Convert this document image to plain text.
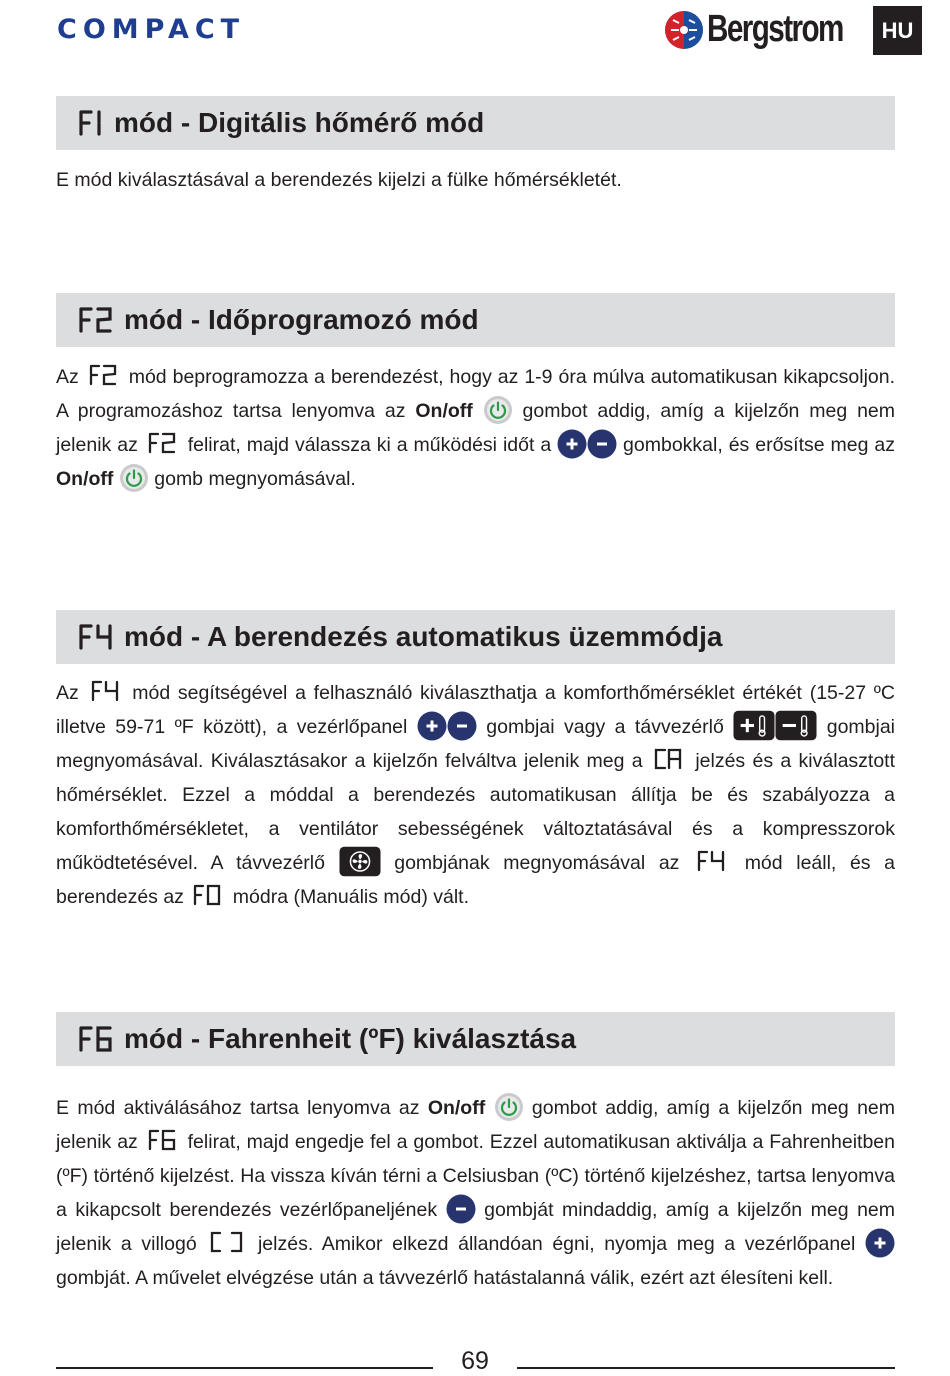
COMPACT	Bergstrom	HU
mód - Digitális hőmérő mód
E mód kiválasztásával a berendezés kijelzi a fülke hőmérsékletét.
mód - Időprogramozó mód
Az	mód beprogramozza a berendezést, hogy az 1-9 óra múlva automatikusan kikapcsoljon. A programozáshoz tartsa lenyomva az On/off	gombot addig, amíg a kijelzőn meg nem jelenik az	felirat, majd válassza ki a működési időt a	gombokkal, és erősítse meg az On/off gomb megnyomásával.
mód - A berendezés automatikus üzemmódja
Az	mód segítségével a felhasználó kiválaszthatja a komforthőmérséklet értékét (15-27 ºC illetve 59-71 ºF között), a vezérlőpanel	gombjai vagy a távvezérlő	gombjai megnyomásával. Kiválasztásakor a kijelzőn felváltva jelenik meg a	jelzés és a kiválasztott hőmérséklet. Ezzel a móddal a berendezés automatikusan állítja be és szabályozza a komforthőmérsékletet, a ventilátor sebességének változtatásával és a kompresszorok működtetésével. A távvezérlő	gombjának megnyomásával az	mód leáll, és a berendezés az	módra (Manuális mód) vált.
mód - Fahrenheit (ºF) kiválasztása
E mód aktiválásához tartsa lenyomva az On/off gombot addig, amíg a kijelzőn meg nem jelenik az	felirat, majd engedje fel a gombot. Ezzel automatikusan aktiválja a Fahrenheitben (ºF) történő kijelzést. Ha vissza kíván térni a Celsiusban (ºC) történő kijelzéshez, tartsa lenyomva a kikapcsolt berendezés vezérlőpaneljének gombját mindaddig, amíg a kijelzőn meg nem jelenik a villogó	jelzés. Amikor elkezd állandóan égni, nyomja meg a vezérlőpanel  gombját. A művelet elvégzése után a távvezérlő hatástalanná válik, ezért azt élesíteni kell.
69
